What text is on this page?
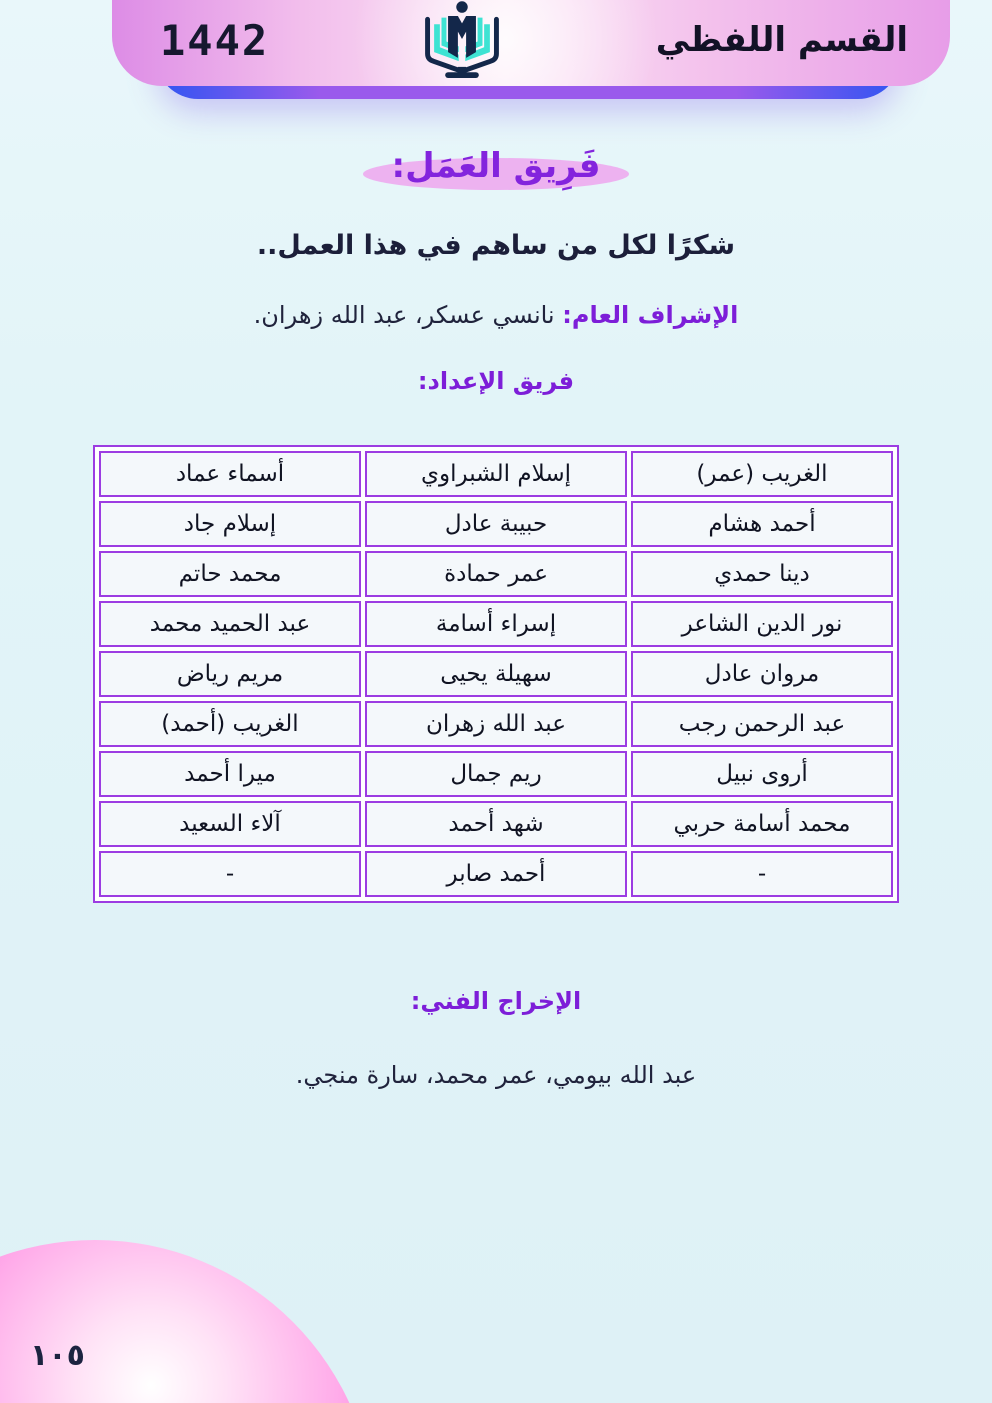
القسم اللفظي
1442
فَرِيق العَمَل:

شكرًا لكل من ساهم في هذا العمل..

الإشراف العام: نانسي عسكر، عبد الله زهران.

فريق الإعداد:
الغريب (عمر)	إسلام الشبراوي	أسماء عماد
أحمد هشام	حبيبة عادل	إسلام جاد
دينا حمدي	عمر حمادة	محمد حاتم
نور الدين الشاعر	إسراء أسامة	عبد الحميد محمد
مروان عادل	سهيلة يحيى	مريم رياض
عبد الرحمن رجب	عبد الله زهران	الغريب (أحمد)
أروى نبيل	ريم جمال	ميرا أحمد
محمد أسامة حربي	شهد أحمد	آلاء السعيد
-	أحمد صابر	-
الإخراج الفني:

عبد الله بيومي، عمر محمد، سارة منجي.

١٠٥
